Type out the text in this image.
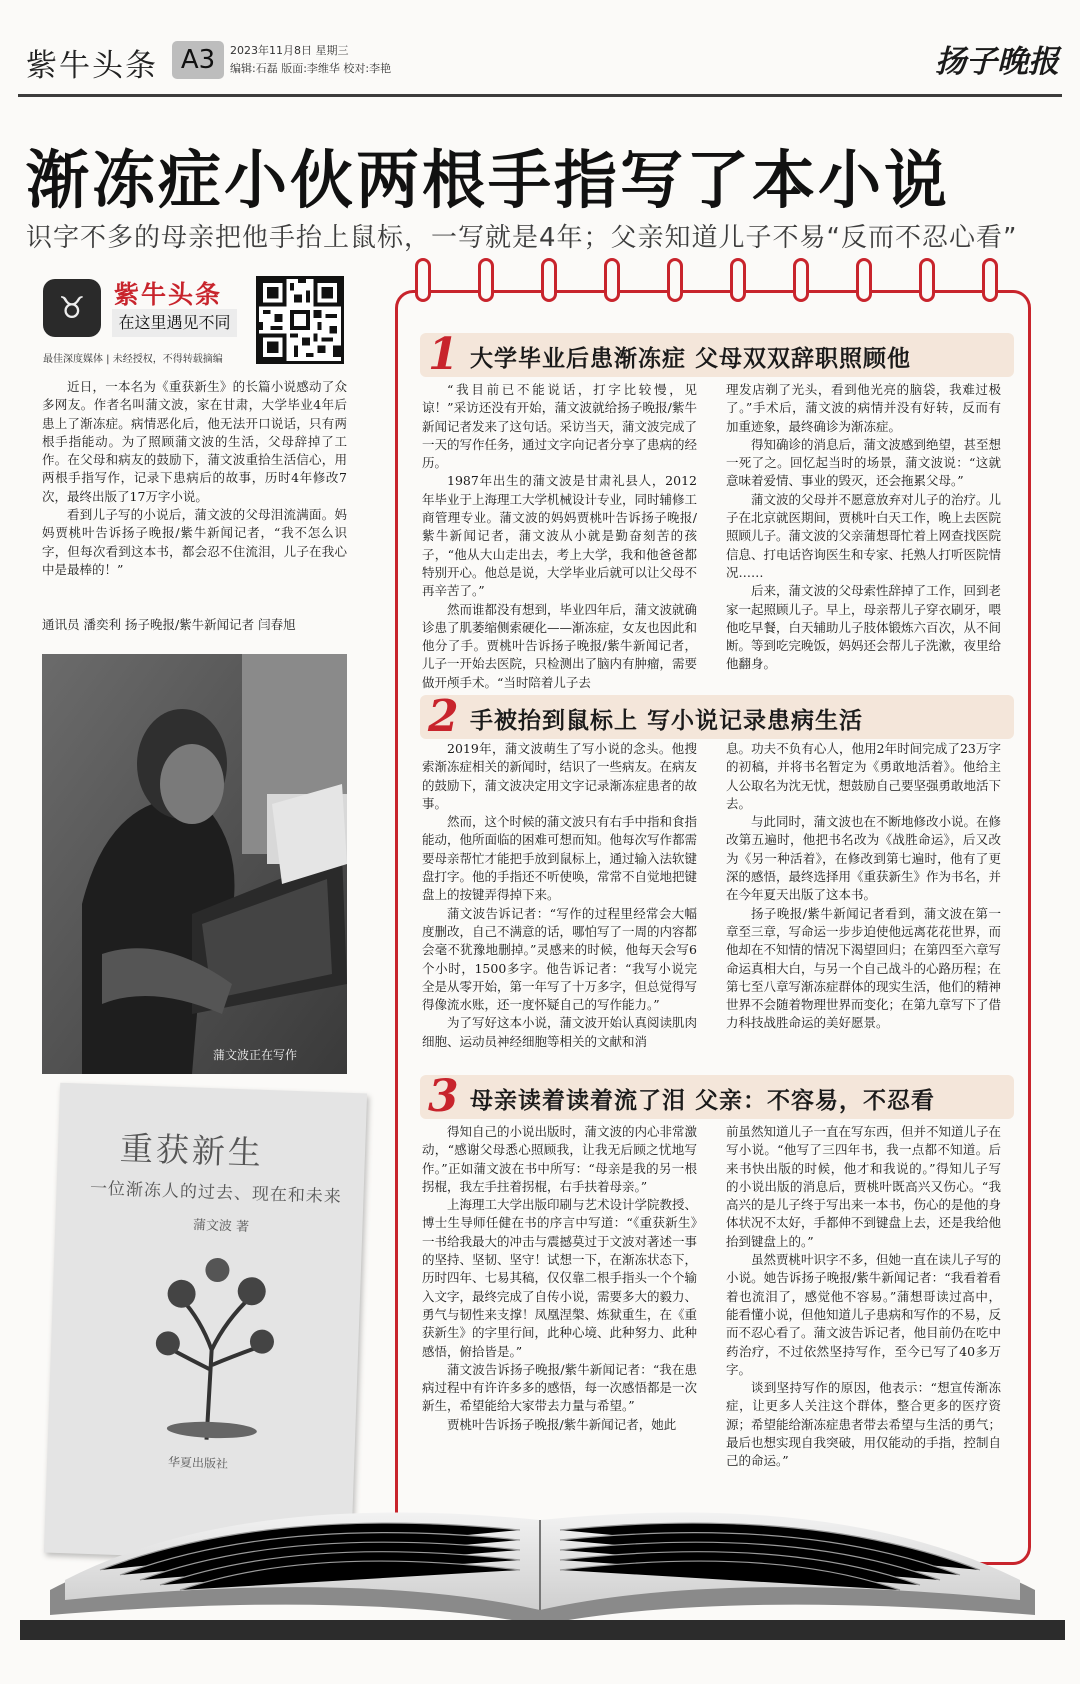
紫牛头条 A3	2023年11月8日 星期三
编辑:石磊 版面:李维华 校对:李艳	扬子晚报
渐冻症小伙两根手指写了本小说
识字不多的母亲把他手抬上鼠标，一写就是4年；父亲知道儿子不易“反而不忍心看”
♉	紫牛头条
在这里遇见不同
最佳深度媒体 | 未经授权，不得转载摘编

近日，一本名为《重获新生》的长篇小说感动了众多网友。作者名叫蒲文波，家在甘肃，大学毕业4年后患上了渐冻症。病情恶化后，他无法开口说话，只有两根手指能动。为了照顾蒲文波的生活，父母辞掉了工作。在父母和病友的鼓励下，蒲文波重拾生活信心，用两根手指写作，记录下患病后的故事，历时4年修改7次，最终出版了17万字小说。

看到儿子写的小说后，蒲文波的父母泪流满面。妈妈贾桃叶告诉扬子晚报/紫牛新闻记者，“我不怎么识字，但每次看到这本书，都会忍不住流泪，儿子在我心中是最棒的！”

通讯员 潘奕利 扬子晚报/紫牛新闻记者 闫春旭
蒲文波正在写作
重获新生
一位渐冻人的过去、现在和未来
蒲文波 著
华夏出版社
1 大学毕业后患渐冻症 父母双双辞职照顾他

“我目前已不能说话，打字比较慢，见谅！”采访还没有开始，蒲文波就给扬子晚报/紫牛新闻记者发来了这句话。采访当天，蒲文波完成了一天的写作任务，通过文字向记者分享了患病的经历。

1987年出生的蒲文波是甘肃礼县人，2012年毕业于上海理工大学机械设计专业，同时辅修工商管理专业。蒲文波的妈妈贾桃叶告诉扬子晚报/紫牛新闻记者，蒲文波从小就是勤奋刻苦的孩子，“他从大山走出去，考上大学，我和他爸爸都特别开心。他总是说，大学毕业后就可以让父母不再辛苦了。”

然而谁都没有想到，毕业四年后，蒲文波就确诊患了肌萎缩侧索硬化——渐冻症，女友也因此和他分了手。贾桃叶告诉扬子晚报/紫牛新闻记者，儿子一开始去医院，只检测出了脑内有肿瘤，需要做开颅手术。“当时陪着儿子去

理发店剃了光头，看到他光亮的脑袋，我难过极了。”手术后，蒲文波的病情并没有好转，反而有加重迹象，最终确诊为渐冻症。

得知确诊的消息后，蒲文波感到绝望，甚至想一死了之。回忆起当时的场景，蒲文波说：“这就意味着爱情、事业的毁灭，还会拖累父母。”

蒲文波的父母并不愿意放弃对儿子的治疗。儿子在北京就医期间，贾桃叶白天工作，晚上去医院照顾儿子。蒲文波的父亲蒲想哥忙着上网查找医院信息、打电话咨询医生和专家、托熟人打听医院情况……

后来，蒲文波的父母索性辞掉了工作，回到老家一起照顾儿子。早上，母亲帮儿子穿衣刷牙，喂他吃早餐，白天辅助儿子肢体锻炼六百次，从不间断。等到吃完晚饭，妈妈还会帮儿子洗漱，夜里给他翻身。

2 手被抬到鼠标上 写小说记录患病生活

2019年，蒲文波萌生了写小说的念头。他搜索渐冻症相关的新闻时，结识了一些病友。在病友的鼓励下，蒲文波决定用文字记录渐冻症患者的故事。

然而，这个时候的蒲文波只有右手中指和食指能动，他所面临的困难可想而知。他每次写作都需要母亲帮忙才能把手放到鼠标上，通过输入法软键盘打字。他的手指还不听使唤，常常不自觉地把键盘上的按键弄得掉下来。

蒲文波告诉记者：“写作的过程里经常会大幅度删改，自己不满意的话，哪怕写了一周的内容都会毫不犹豫地删掉。”灵感来的时候，他每天会写6个小时，1500多字。他告诉记者：“我写小说完全是从零开始，第一年写了十万多字，但总觉得写得像流水账，还一度怀疑自己的写作能力。”

为了写好这本小说，蒲文波开始认真阅读肌肉细胞、运动员神经细胞等相关的文献和消

息。功夫不负有心人，他用2年时间完成了23万字的初稿，并将书名暂定为《勇敢地活着》。他给主人公取名为沈无忧，想鼓励自己要坚强勇敢地活下去。

与此同时，蒲文波也在不断地修改小说。在修改第五遍时，他把书名改为《战胜命运》，后又改为《另一种活着》，在修改到第七遍时，他有了更深的感悟，最终选择用《重获新生》作为书名，并在今年夏天出版了这本书。

扬子晚报/紫牛新闻记者看到，蒲文波在第一章至三章，写命运一步步迫使他远离花花世界，而他却在不知情的情况下渴望回归；在第四至六章写命运真相大白，与另一个自己战斗的心路历程；在第七至八章写渐冻症群体的现实生活，他们的精神世界不会随着物理世界而变化；在第九章写下了借力科技战胜命运的美好愿景。

3 母亲读着读着流了泪 父亲：不容易，不忍看

得知自己的小说出版时，蒲文波的内心非常激动，“感谢父母悉心照顾我，让我无后顾之忧地写作。”正如蒲文波在书中所写：“母亲是我的另一根拐棍，我左手拄着拐棍，右手扶着母亲。”

上海理工大学出版印刷与艺术设计学院教授、博士生导师任健在书的序言中写道：“《重获新生》一书给我最大的冲击与震撼莫过于文波对著述一事的坚持、坚韧、坚守！试想一下，在渐冻状态下，历时四年、七易其稿，仅仅靠二根手指头一个个输入文字，最终完成了自传小说，需要多大的毅力、勇气与韧性来支撑！凤凰涅槃、炼狱重生，在《重获新生》的字里行间，此种心境、此种努力、此种感悟，俯拾皆是。”

蒲文波告诉扬子晚报/紫牛新闻记者：“我在患病过程中有许许多多的感悟，每一次感悟都是一次新生，希望能给大家带去力量与希望。”

贾桃叶告诉扬子晚报/紫牛新闻记者，她此

前虽然知道儿子一直在写东西，但并不知道儿子在写小说。“他写了三四年书，我一点都不知道。后来书快出版的时候，他才和我说的。”得知儿子写的小说出版的消息后，贾桃叶既高兴又伤心。“我高兴的是儿子终于写出来一本书，伤心的是他的身体状况不太好，手都伸不到键盘上去，还是我给他抬到键盘上的。”

虽然贾桃叶识字不多，但她一直在读儿子写的小说。她告诉扬子晚报/紫牛新闻记者：“我看着看着也流泪了，感觉他不容易。”蒲想哥读过高中，能看懂小说，但他知道儿子患病和写作的不易，反而不忍心看了。蒲文波告诉记者，他目前仍在吃中药治疗，不过依然坚持写作，至今已写了40多万字。

谈到坚持写作的原因，他表示：“想宣传渐冻症，让更多人关注这个群体，整合更多的医疗资源；希望能给渐冻症患者带去希望与生活的勇气；最后也想实现自我突破，用仅能动的手指，控制自己的命运。”
